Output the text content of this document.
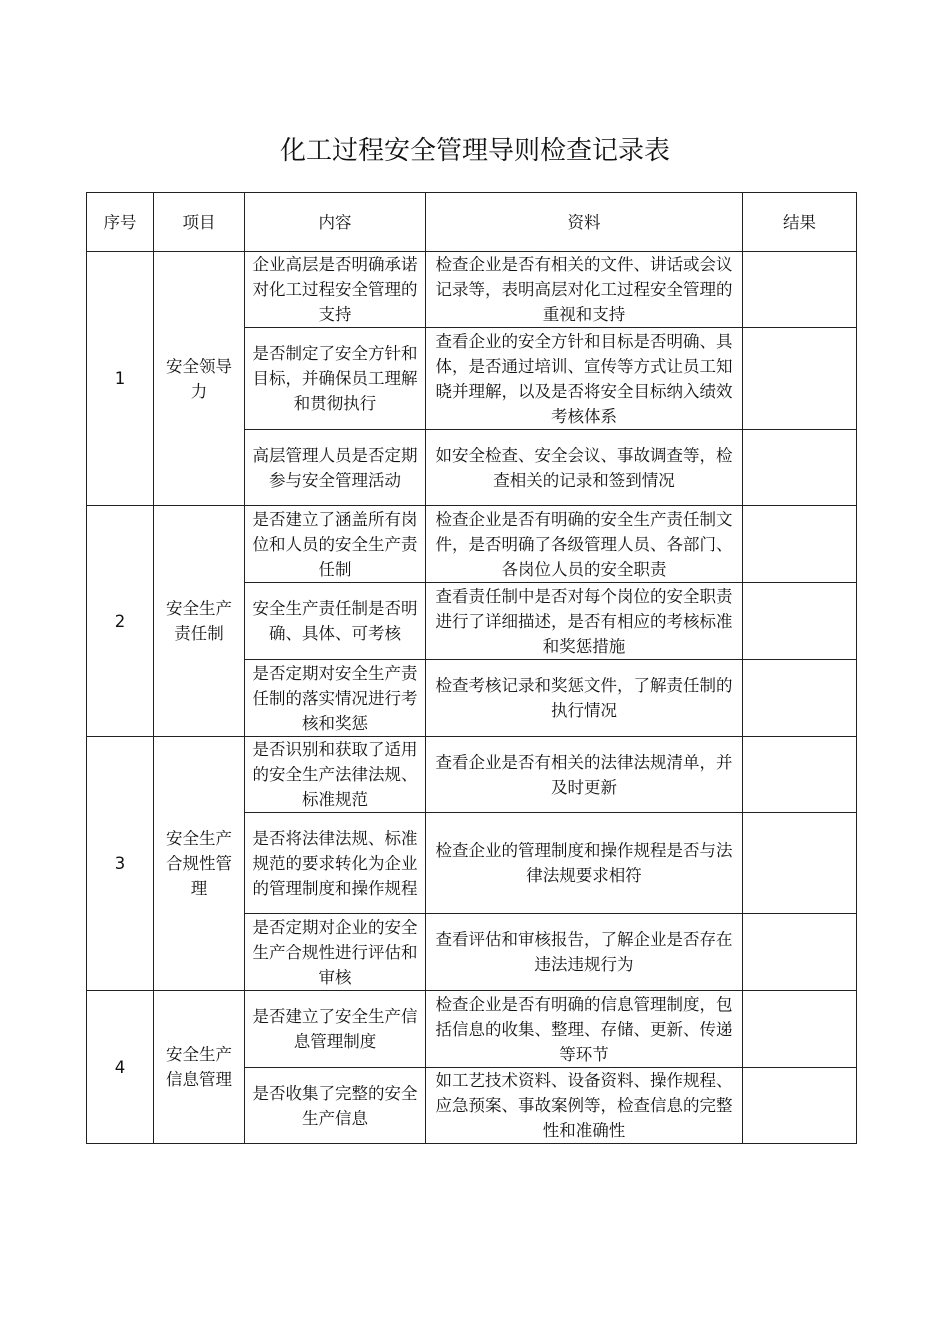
化工过程安全管理导则检查记录表
序号	项目	内容	资料	结果
1	安全领导力	企业高层是否明确承诺对化工过程安全管理的支持	检查企业是否有相关的文件、讲话或会议记录等，表明高层对化工过程安全管理的重视和支持	
		是否制定了安全方针和目标，并确保员工理解和贯彻执行	查看企业的安全方针和目标是否明确、具体，是否通过培训、宣传等方式让员工知晓并理解，以及是否将安全目标纳入绩效考核体系	
		高层管理人员是否定期参与安全管理活动	如安全检查、安全会议、事故调查等，检查相关的记录和签到情况	
2	安全生产责任制	是否建立了涵盖所有岗位和人员的安全生产责任制	检查企业是否有明确的安全生产责任制文件，是否明确了各级管理人员、各部门、各岗位人员的安全职责	
		安全生产责任制是否明确、具体、可考核	查看责任制中是否对每个岗位的安全职责进行了详细描述，是否有相应的考核标准和奖惩措施	
		是否定期对安全生产责任制的落实情况进行考核和奖惩	检查考核记录和奖惩文件，了解责任制的执行情况	
3	安全生产合规性管理	是否识别和获取了适用的安全生产法律法规、标准规范	查看企业是否有相关的法律法规清单，并及时更新	
		是否将法律法规、标准规范的要求转化为企业的管理制度和操作规程	检查企业的管理制度和操作规程是否与法律法规要求相符	
		是否定期对企业的安全生产合规性进行评估和审核	查看评估和审核报告，了解企业是否存在违法违规行为	
4	安全生产信息管理	是否建立了安全生产信息管理制度	检查企业是否有明确的信息管理制度，包括信息的收集、整理、存储、更新、传递等环节	
		是否收集了完整的安全生产信息	如工艺技术资料、设备资料、操作规程、应急预案、事故案例等，检查信息的完整性和准确性	
